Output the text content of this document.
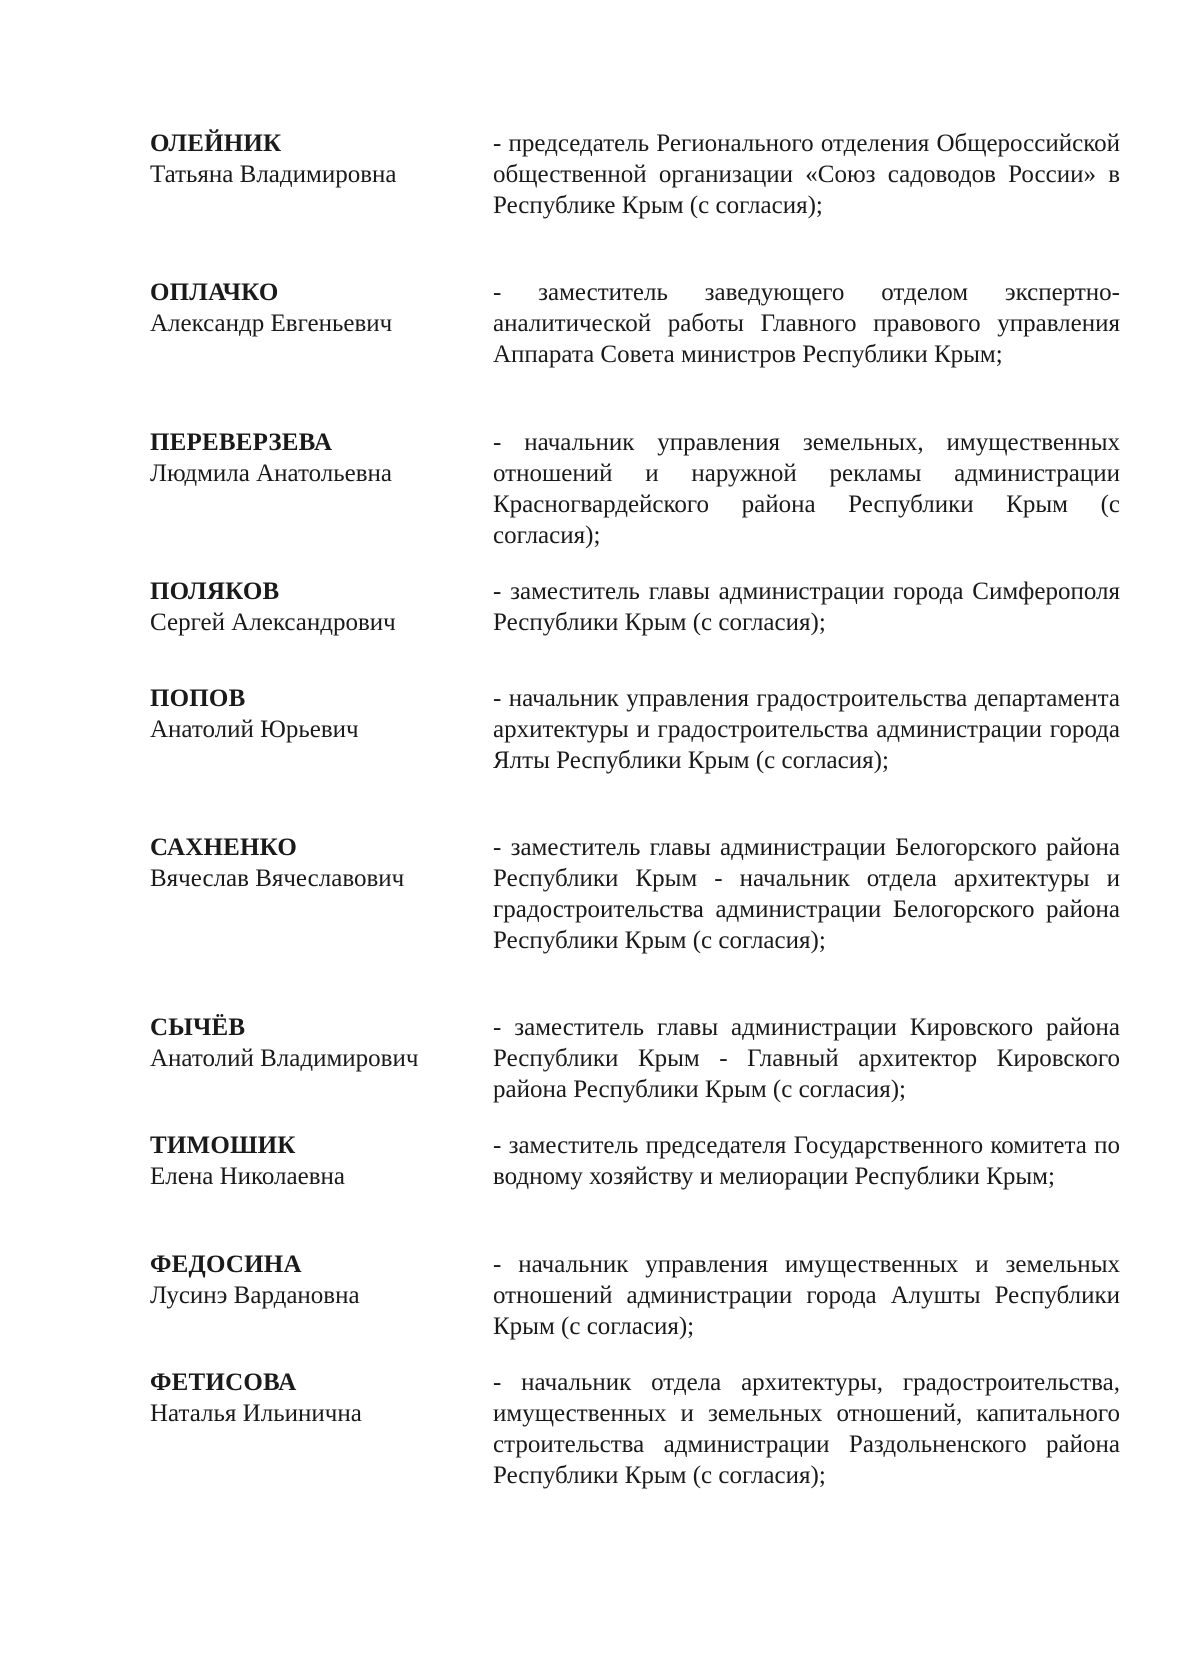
ОЛЕЙНИК
Татьяна Владимировна
- председатель Регионального отделения Общероссийской общественной организации «Союз садоводов России» в Республике Крым (с согласия);
ОПЛАЧКО
Александр Евгеньевич
- заместитель заведующего отделом экспертно-аналитической работы Главного правового управления Аппарата Совета министров Республики Крым;
ПЕРЕВЕРЗЕВА
Людмила Анатольевна
- начальник управления земельных, имущественных отношений и наружной рекламы администрации Красногвардейского района Республики Крым (с согласия);
ПОЛЯКОВ
Сергей Александрович
- заместитель главы администрации города Симферополя Республики Крым (с согласия);
ПОПОВ
Анатолий Юрьевич
- начальник управления градостроительства департамента архитектуры и градостроительства администрации города Ялты Республики Крым (с согласия);
САХНЕНКО
Вячеслав Вячеславович
- заместитель главы администрации Белогорского района Республики Крым - начальник отдела архитектуры и градостроительства администрации Белогорского района Республики Крым (с согласия);
СЫЧЁВ
Анатолий Владимирович
- заместитель главы администрации Кировского района Республики Крым - Главный архитектор Кировского района Республики Крым (с согласия);
ТИМОШИК
Елена Николаевна
- заместитель председателя Государственного комитета по водному хозяйству и мелиорации Республики Крым;
ФЕДОСИНА
Лусинэ Вардановна
- начальник управления имущественных и земельных отношений администрации города Алушты Республики Крым (с согласия);
ФЕТИСОВА
Наталья Ильинична
- начальник отдела архитектуры, градостроительства, имущественных и земельных отношений, капитального строительства администрации Раздольненского района Республики Крым (с согласия);
